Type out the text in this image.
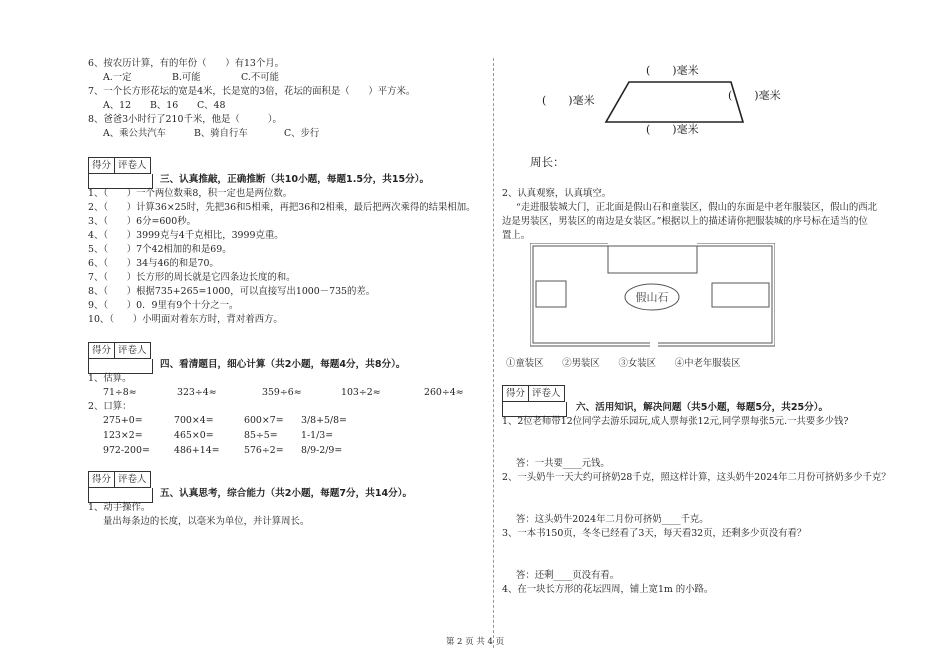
6、按农历计算，有的年份（　　）有13个月。
A.一定	B.可能	C.不可能
7、一个长方形花坛的宽是4米，长是宽的3倍，花坛的面积是（　　）平方米。
A、12 B、16 C、48
8、爸爸3小时行了210千米，他是（　　　）。
A、乘公共汽车	B、骑自行车	C、步行
得分 评卷人
三、认真推敲，正确推断（共10小题，每题1.5分，共15分）。
1、（　　）一个两位数乘8，积一定也是两位数。
2、（　　）计算36×25时，先把36和5相乘，再把36和2相乘，最后把两次乘得的结果相加。
3、（　　）6分=600秒。
4、（　　）3999克与4千克相比，3999克重。
5、（　　）7个42相加的和是69。
6、（　　）34与46的和是70。
7、（　　）长方形的周长就是它四条边长度的和。
8、（　　）根据735+265=1000，可以直接写出1000－735的差。
9、（　　）0．9里有9个十分之一。
10、（　　）小明面对着东方时，背对着西方。
得分 评卷人
四、看清题目，细心计算（共2小题，每题4分，共8分）。
1、估算。
71÷8≈	323÷4≈	359÷6≈	103÷2≈	260÷4≈
2、口算：
275+0=	700×4=	600×7= 3/8+5/8=
123×2=	465×0=	85÷5= 1-1/3=
972-200=	486+14=	576÷2= 8/9-2/9=
得分 评卷人
五、认真思考，综合能力（共2小题，每题7分，共14分）。
1、动手操作。
量出每条边的长度，以毫米为单位，并计算周长。
(　　)毫米
(　　)毫米	(　　)毫米
(　　)毫米
周长：
2、认真观察，认真填空。
“走进服装城大门，正北面是假山石和童装区，假山的东面是中老年服装区，假山的西北
边是男装区，男装区的南边是女装区。”根据以上的描述请你把服装城的序号标在适当的位
置上。
假山石
①童装区　　②男装区　　③女装区　　④中老年服装区
得分 评卷人
六、活用知识，解决问题（共5小题，每题5分，共25分）。
1、2位老师带12位同学去游乐园玩,成人票每张12元,同学票每张5元.一共要多少钱?
答：一共要____元钱。
2、一头奶牛一天大约可挤奶28千克，照这样计算，这头奶牛2024年二月份可挤奶多少千克？
答：这头奶牛2024年二月份可挤奶____千克。
3、一本书150页，冬冬已经看了3天，每天看32页，还剩多少页没有看？
答：还剩____页没有看。
4、在一块长方形的花坛四周，铺上宽1m 的小路。
第 2 页 共 4 页
